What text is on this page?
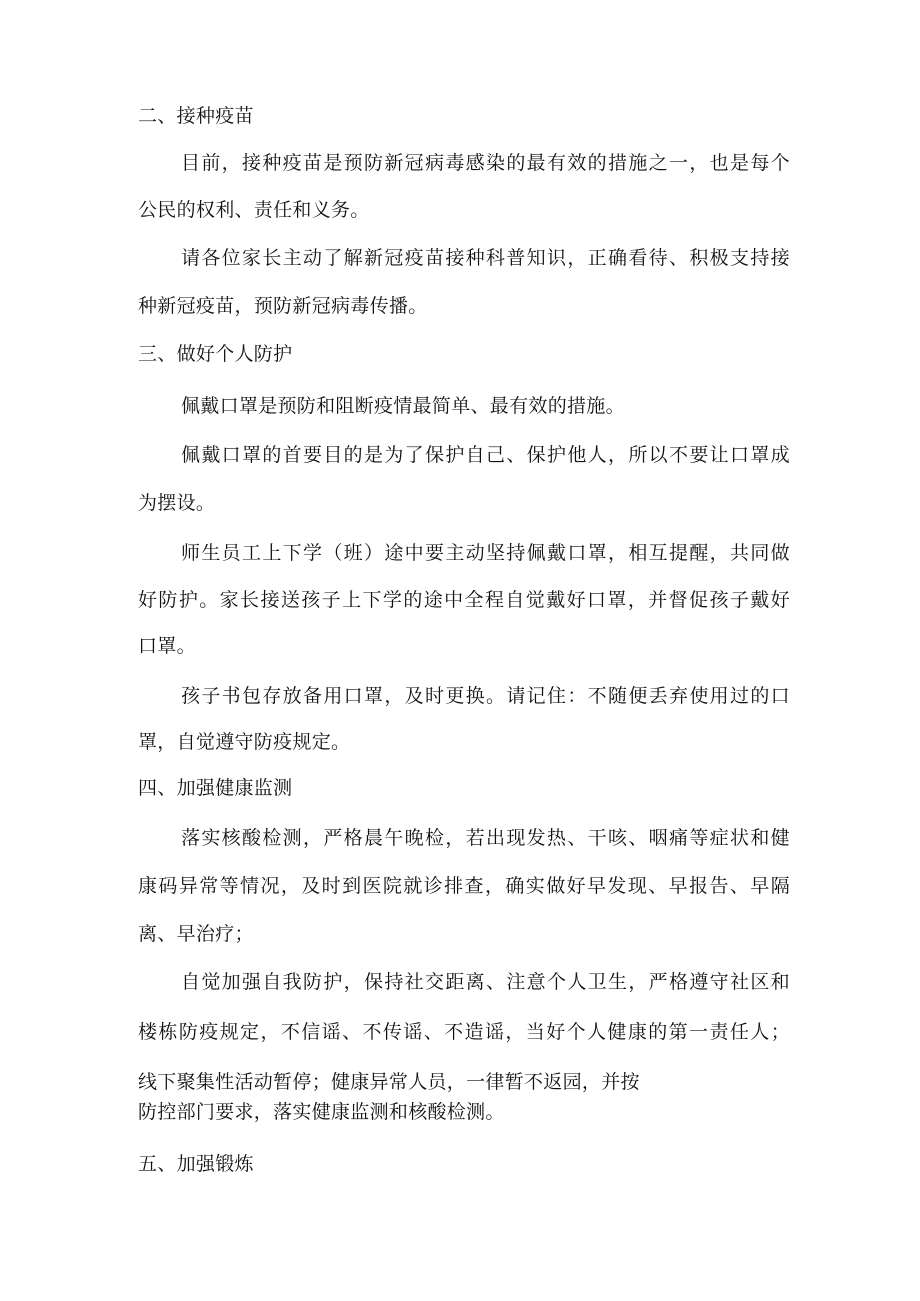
二、接种疫苗
目前，接种疫苗是预防新冠病毒感染的最有效的措施之一，也是每个
公民的权利、责任和义务。
请各位家长主动了解新冠疫苗接种科普知识，正确看待、积极支持接
种新冠疫苗，预防新冠病毒传播。
三、做好个人防护
佩戴口罩是预防和阻断疫情最简单、最有效的措施。
佩戴口罩的首要目的是为了保护自己、保护他人，所以不要让口罩成
为摆设。
师生员工上下学（班）途中要主动坚持佩戴口罩，相互提醒，共同做
好防护。家长接送孩子上下学的途中全程自觉戴好口罩，并督促孩子戴好
口罩。
孩子书包存放备用口罩，及时更换。请记住：不随便丢弃使用过的口
罩，自觉遵守防疫规定。
四、加强健康监测
落实核酸检测，严格晨午晚检，若出现发热、干咳、咽痛等症状和健
康码异常等情况，及时到医院就诊排查，确实做好早发现、早报告、早隔
离、早治疗；
自觉加强自我防护，保持社交距离、注意个人卫生，严格遵守社区和
楼栋防疫规定，不信谣、不传谣、不造谣，当好个人健康的第一责任人；
线下聚集性活动暂停；健康异常人员，一律暂不返园，并按
防控部门要求，落实健康监测和核酸检测。
五、加强锻炼
